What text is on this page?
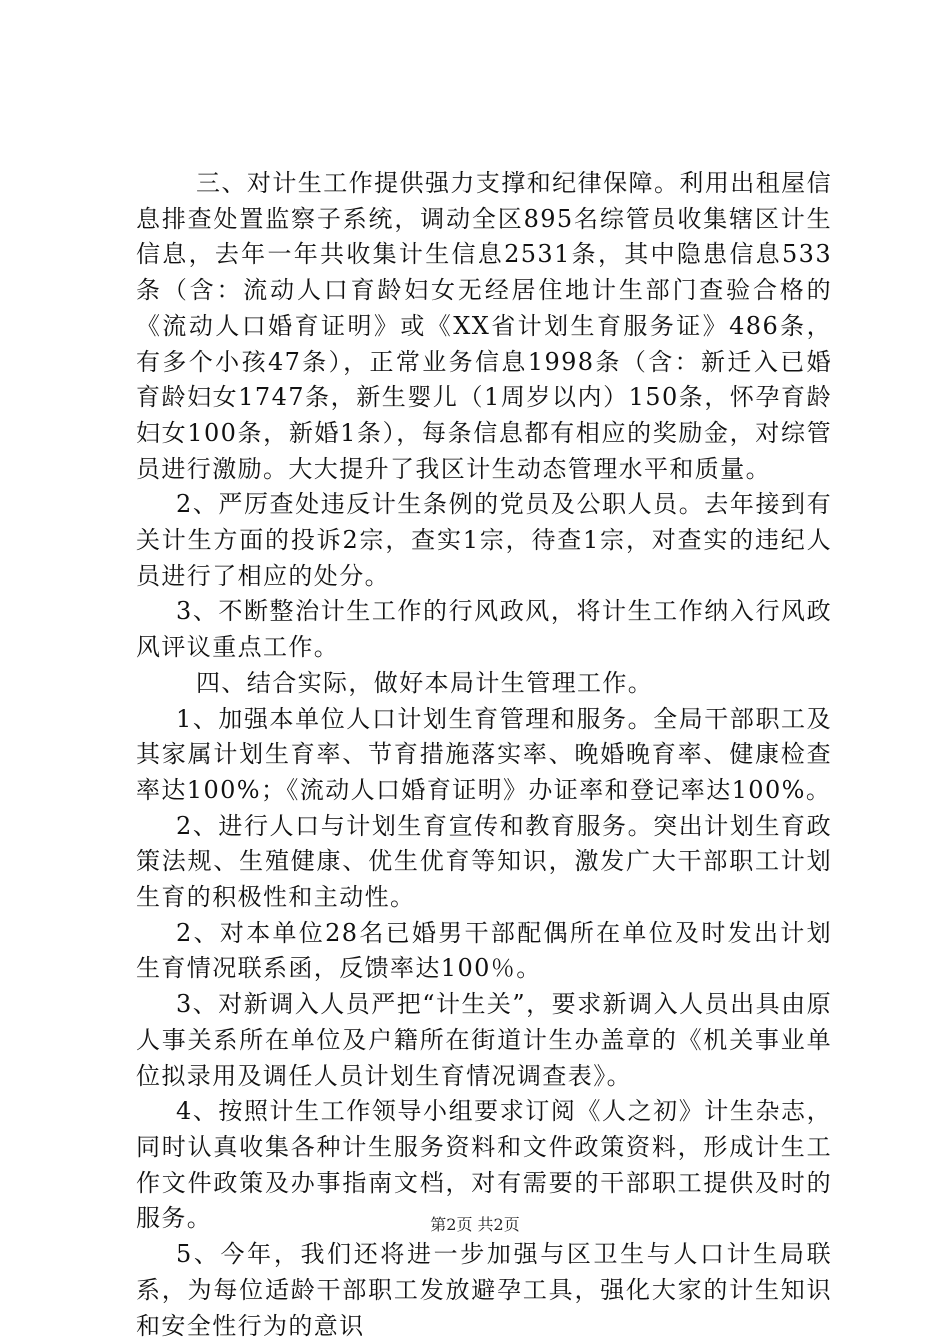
三、对计生工作提供强力支撑和纪律保障。利用出租屋信息排查处置监察子系统，调动全区895名综管员收集辖区计生信息，去年一年共收集计生信息2531条，其中隐患信息533条（含：流动人口育龄妇女无经居住地计生部门查验合格的《流动人口婚育证明》或《XX省计划生育服务证》486条，有多个小孩47条），正常业务信息1998条（含：新迁入已婚育龄妇女1747条，新生婴儿（1周岁以内）150条，怀孕育龄妇女100条，新婚1条），每条信息都有相应的奖励金，对综管员进行激励。大大提升了我区计生动态管理水平和质量。

2、严厉查处违反计生条例的党员及公职人员。去年接到有关计生方面的投诉2宗，查实1宗，待查1宗，对查实的违纪人员进行了相应的处分。

3、不断整治计生工作的行风政风，将计生工作纳入行风政风评议重点工作。

四、结合实际，做好本局计生管理工作。

1、加强本单位人口计划生育管理和服务。全局干部职工及其家属计划生育率、节育措施落实率、晚婚晚育率、健康检查率达100%；《流动人口婚育证明》办证率和登记率达100%。

2、进行人口与计划生育宣传和教育服务。突出计划生育政策法规、生殖健康、优生优育等知识，激发广大干部职工计划生育的积极性和主动性。

2、对本单位28名已婚男干部配偶所在单位及时发出计划生育情况联系函，反馈率达100％。

3、对新调入人员严把“计生关”，要求新调入人员出具由原人事关系所在单位及户籍所在街道计生办盖章的《机关事业单位拟录用及调任人员计划生育情况调查表》。

4、按照计生工作领导小组要求订阅《人之初》计生杂志，同时认真收集各种计生服务资料和文件政策资料，形成计生工作文件政策及办事指南文档，对有需要的干部职工提供及时的服务。

5、今年，我们还将进一步加强与区卫生与人口计生局联系，为每位适龄干部职工发放避孕工具，强化大家的计生知识和安全性行为的意识

第2页 共2页
